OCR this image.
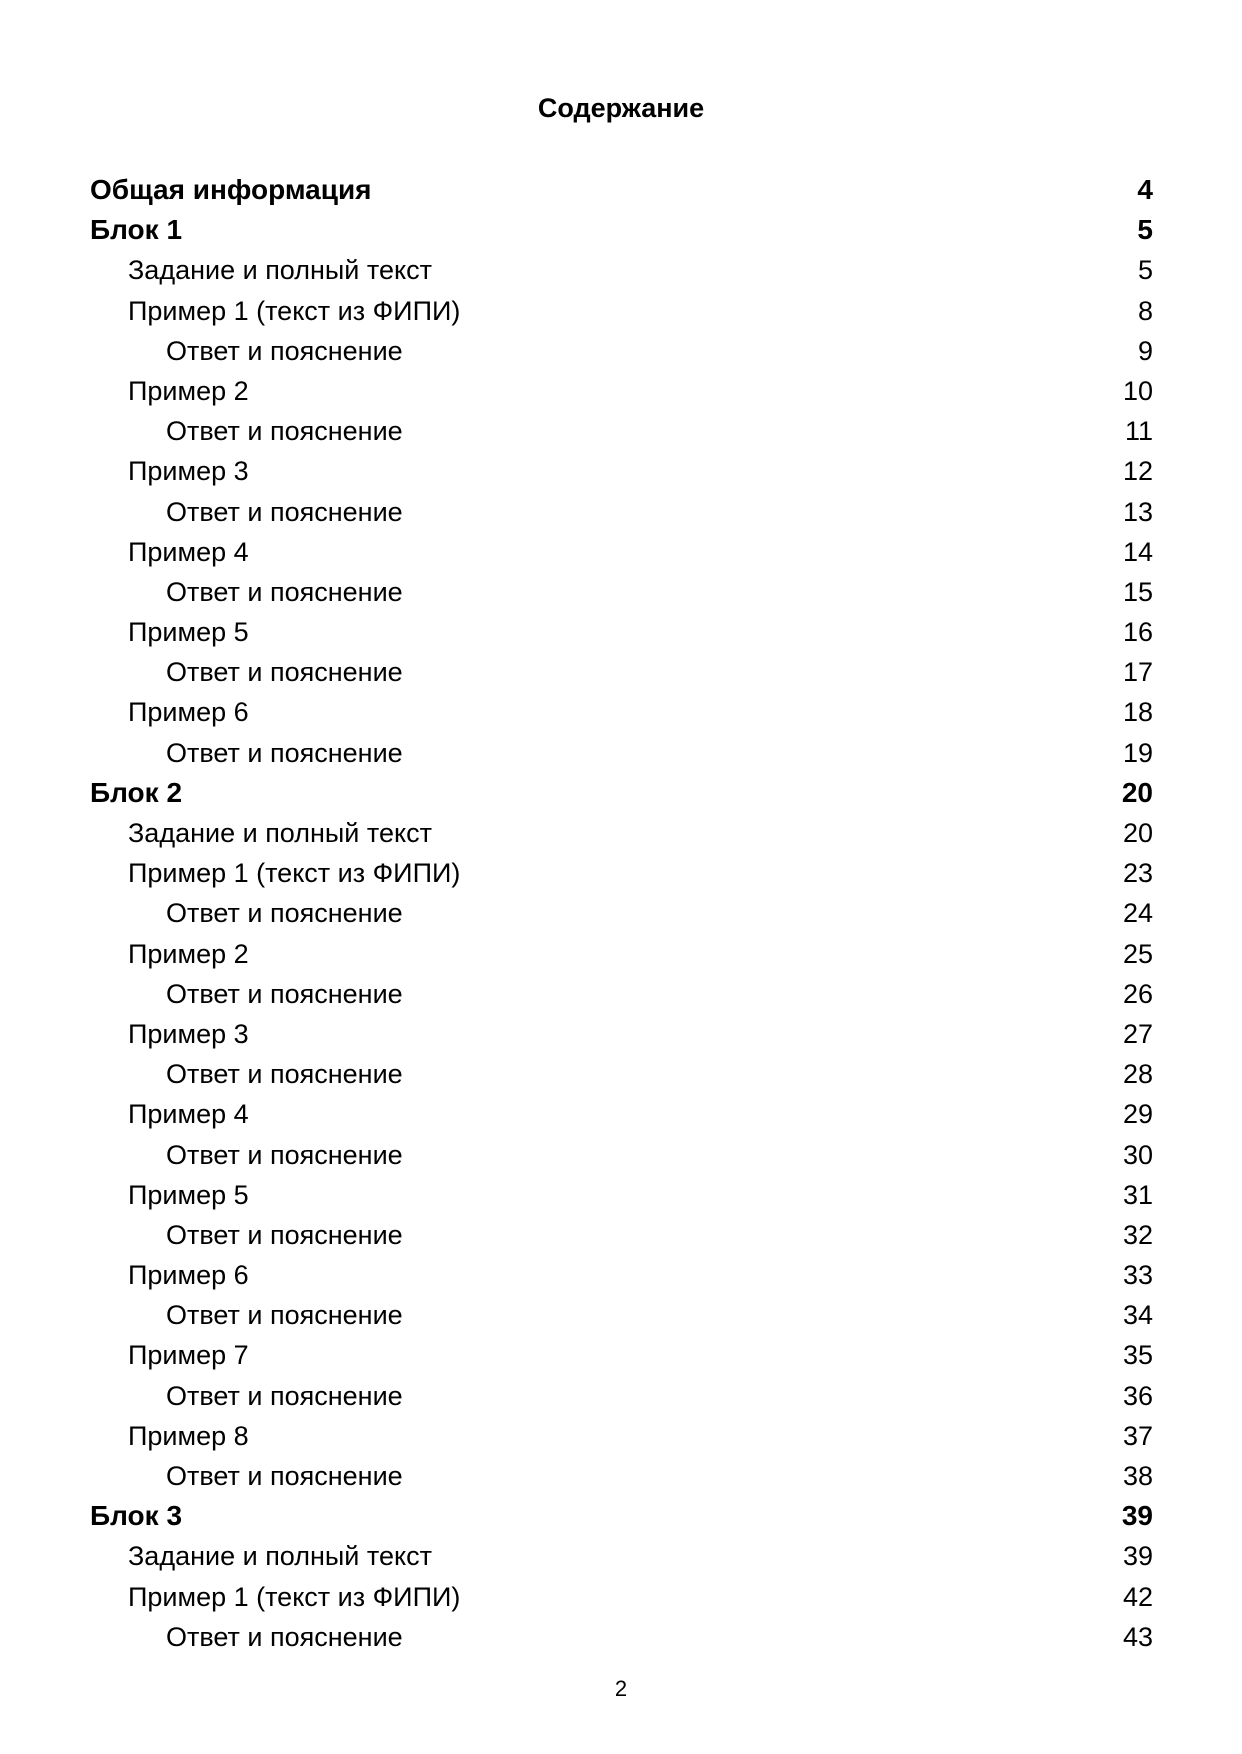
Содержание
Общая информация	4
Блок 1	5
Задание и полный текст	5
Пример 1 (текст из ФИПИ)	8
Ответ и пояснение	9
Пример 2	10
Ответ и пояснение	11
Пример 3	12
Ответ и пояснение	13
Пример 4	14
Ответ и пояснение	15
Пример 5	16
Ответ и пояснение	17
Пример 6	18
Ответ и пояснение	19
Блок 2	20
Задание и полный текст	20
Пример 1 (текст из ФИПИ)	23
Ответ и пояснение	24
Пример 2	25
Ответ и пояснение	26
Пример 3	27
Ответ и пояснение	28
Пример 4	29
Ответ и пояснение	30
Пример 5	31
Ответ и пояснение	32
Пример 6	33
Ответ и пояснение	34
Пример 7	35
Ответ и пояснение	36
Пример 8	37
Ответ и пояснение	38
Блок 3	39
Задание и полный текст	39
Пример 1 (текст из ФИПИ)	42
Ответ и пояснение	43
2
